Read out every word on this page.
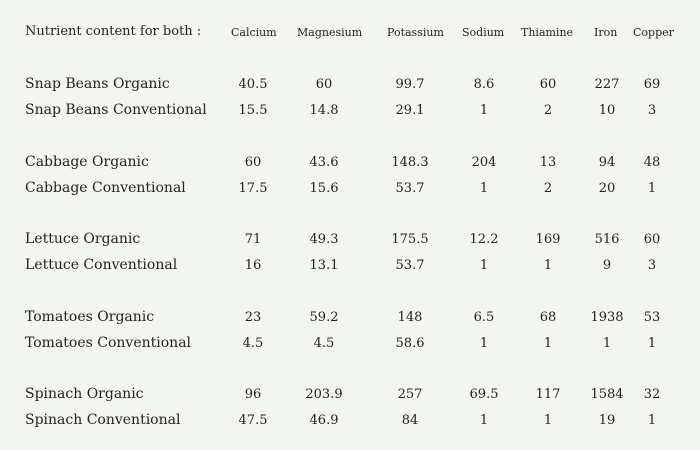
Nutrient content for both :	Calcium Magnesium Potassium Sodium Thiamine Iron Copper
Snap Beans Organic	40.5	60	99.7	8.6	60	227 69
Snap Beans Conventional 15.5	14.8	29.1	1	2	10	3
Cabbage Organic	60	43.6	148.3	204	13	94 48
Cabbage Conventional	17.5	15.6	53.7	1	2	20	1
Lettuce Organic	71	49.3	175.5	12.2	169	516 60
Lettuce Conventional	16	13.1	53.7	1	1	9	3
Tomatoes Organic	23	59.2	148	6.5	68	1938 53
Tomatoes Conventional	4.5	4.5	58.6	1	1	1	1
Spinach Organic	96	203.9	257	69.5	117 1584 32
Spinach Conventional	47.5	46.9	84	1	1	19	1
